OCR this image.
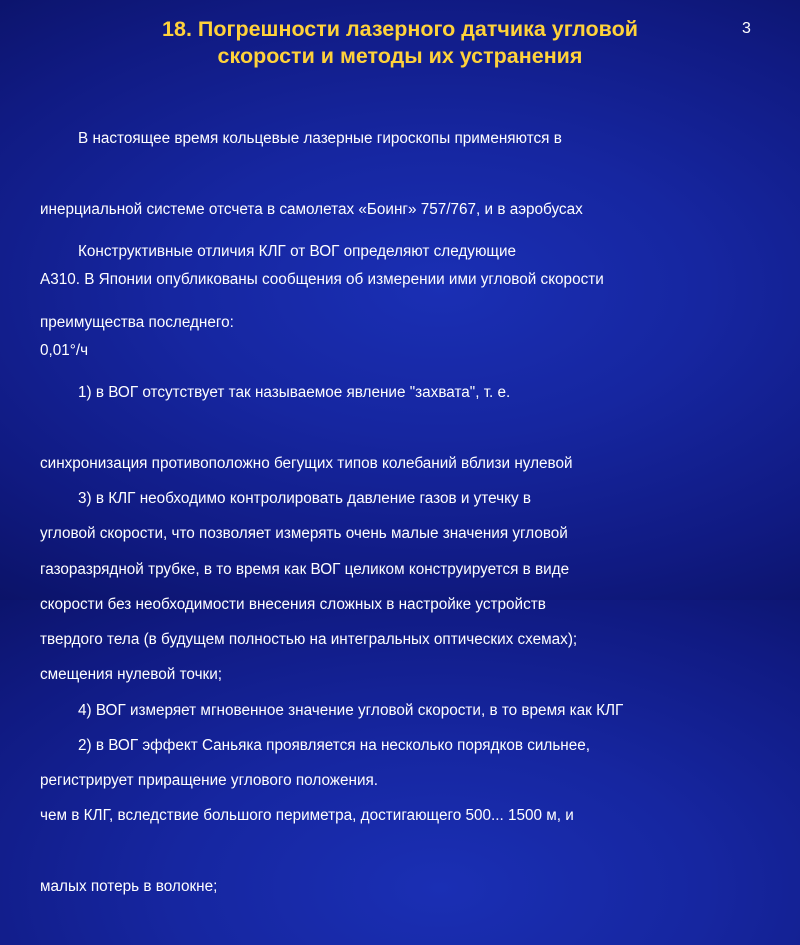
18. Погрешности лазерного датчика угловой
скорости и методы их устранения
3

В настоящее время кольцевые лазерные гироскопы применяются в

инерциальной системе отсчета в самолетах «Боинг» 757/767, и в аэробусах

А310. В Японии опубликованы сообщения об измерении ими угловой скорости

0,01°/ч

Конструктивные отличия КЛГ от ВОГ определяют следующие

преимущества последнего:

1) в ВОГ отсутствует так называемое явление "захвата", т. е.

синхронизация противоположно бегущих типов колебаний вблизи нулевой

угловой скорости, что позволяет измерять очень малые значения угловой

скорости без необходимости внесения сложных в настройке устройств

смещения нулевой точки;

2) в ВОГ эффект Саньяка проявляется на несколько порядков сильнее,

чем в КЛГ, вследствие большого периметра, достигающего 500... 1500 м, и

малых потерь в волокне;

3) в КЛГ необходимо контролировать давление газов и утечку в

газоразрядной трубке, в то время как ВОГ целиком конструируется в виде

твердого тела (в будущем полностью на интегральных оптических схемах);

4) ВОГ измеряет мгновенное значение угловой скорости, в то время как КЛГ

регистрирует приращение углового положения.
